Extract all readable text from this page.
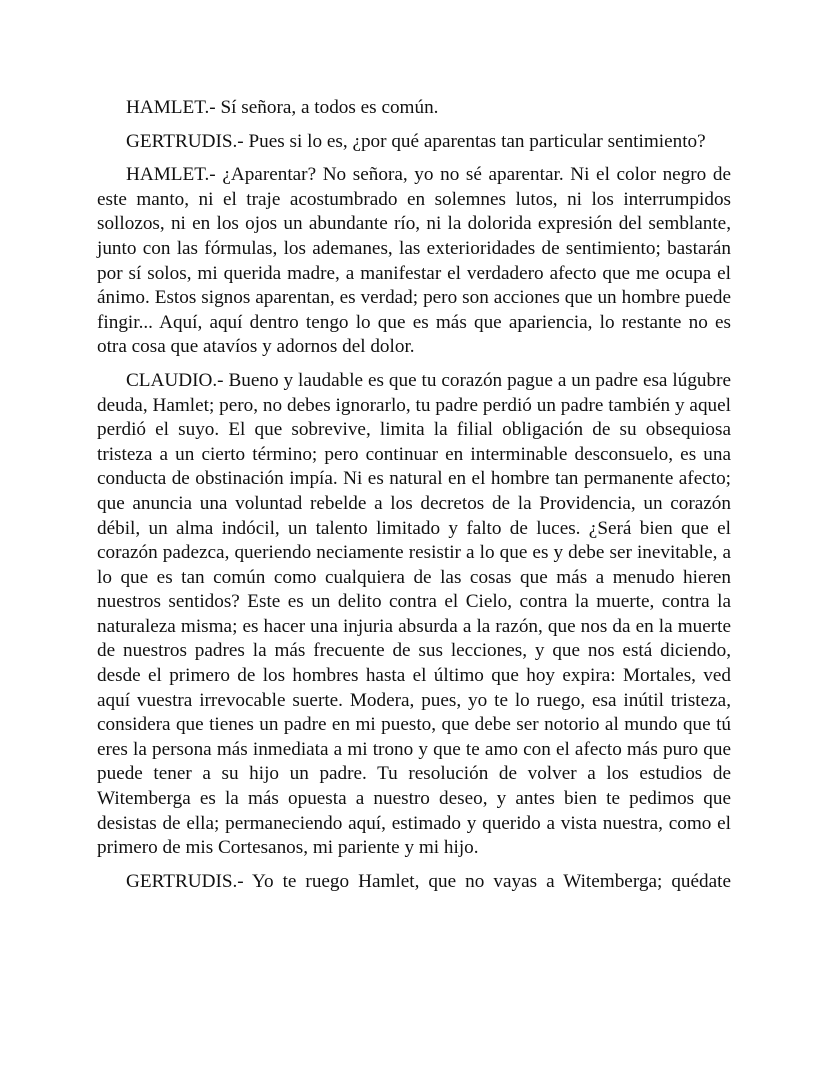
HAMLET.- Sí señora, a todos es común.

GERTRUDIS.- Pues si lo es, ¿por qué aparentas tan particular sentimiento?

HAMLET.- ¿Aparentar? No señora, yo no sé aparentar. Ni el color negro de este manto, ni el traje acostumbrado en solemnes lutos, ni los interrumpidos sollozos, ni en los ojos un abundante río, ni la dolorida expresión del semblante, junto con las fórmulas, los ademanes, las exterioridades de sentimiento; bastarán por sí solos, mi querida madre, a manifestar el verdadero afecto que me ocupa el ánimo. Estos signos aparentan, es verdad; pero son acciones que un hombre puede fingir... Aquí, aquí dentro tengo lo que es más que apariencia, lo restante no es otra cosa que atavíos y adornos del dolor.

CLAUDIO.- Bueno y laudable es que tu corazón pague a un padre esa lúgubre deuda, Hamlet; pero, no debes ignorarlo, tu padre perdió un padre también y aquel perdió el suyo. El que sobrevive, limita la filial obligación de su obsequiosa tristeza a un cierto término; pero continuar en interminable desconsuelo, es una conducta de obstinación impía. Ni es natural en el hombre tan permanente afecto; que anuncia una voluntad rebelde a los decretos de la Providencia, un corazón débil, un alma indócil, un talento limitado y falto de luces. ¿Será bien que el corazón padezca, queriendo neciamente resistir a lo que es y debe ser inevitable, a lo que es tan común como cualquiera de las cosas que más a menudo hieren nuestros sentidos? Este es un delito contra el Cielo, contra la muerte, contra la naturaleza misma; es hacer una injuria absurda a la razón, que nos da en la muerte de nuestros padres la más frecuente de sus lecciones, y que nos está diciendo, desde el primero de los hombres hasta el último que hoy expira: Mortales, ved aquí vuestra irrevocable suerte. Modera, pues, yo te lo ruego, esa inútil tristeza, considera que tienes un padre en mi puesto, que debe ser notorio al mundo que tú eres la persona más inmediata a mi trono y que te amo con el afecto más puro que puede tener a su hijo un padre. Tu resolución de volver a los estudios de Witemberga es la más opuesta a nuestro deseo, y antes bien te pedimos que desistas de ella; permaneciendo aquí, estimado y querido a vista nuestra, como el primero de mis Cortesanos, mi pariente y mi hijo.

GERTRUDIS.- Yo te ruego Hamlet, que no vayas a Witemberga; quédate
